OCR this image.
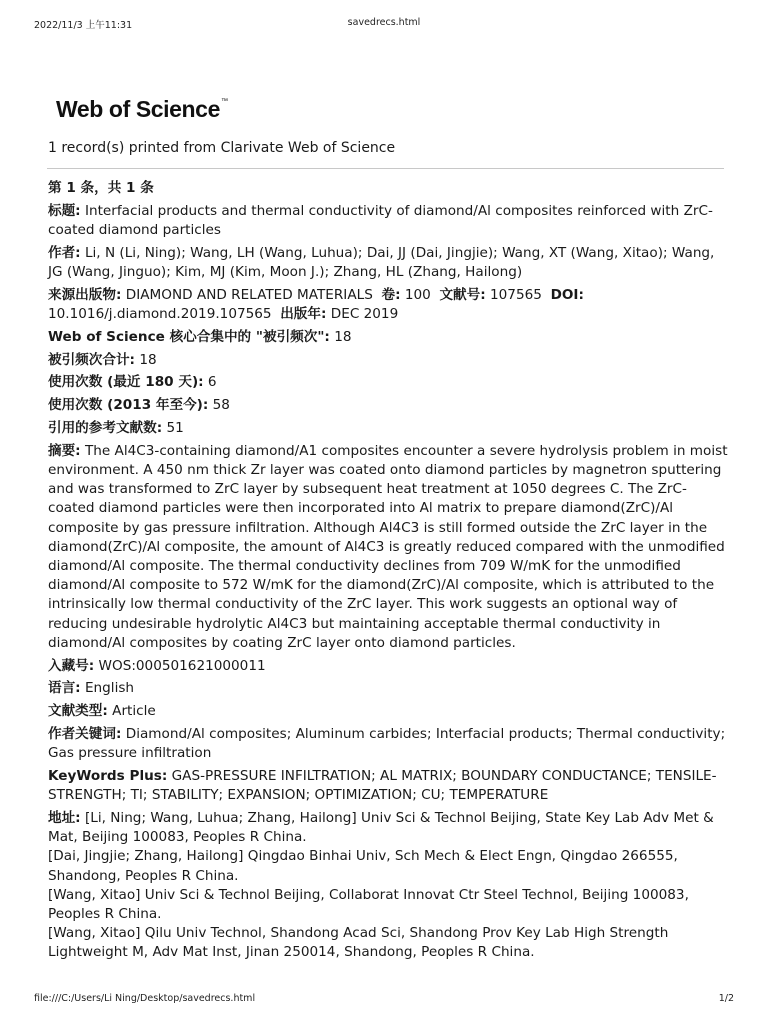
2022/11/3 上午11:31	savedrecs.html
Web of Science™
1 record(s) printed from Clarivate Web of Science
第 1 条，共 1 条
标题: Interfacial products and thermal conductivity of diamond/Al composites reinforced with ZrC-coated diamond particles
作者: Li, N (Li, Ning); Wang, LH (Wang, Luhua); Dai, JJ (Dai, Jingjie); Wang, XT (Wang, Xitao); Wang, JG (Wang, Jinguo); Kim, MJ (Kim, Moon J.); Zhang, HL (Zhang, Hailong)
来源出版物: DIAMOND AND RELATED MATERIALS 卷: 100 文献号: 107565 DOI: 10.1016/j.diamond.2019.107565 出版年: DEC 2019
Web of Science 核心合集中的 "被引频次": 18
被引频次合计: 18
使用次数 (最近 180 天): 6
使用次数 (2013 年至今): 58
引用的参考文献数: 51
摘要: The Al4C3-containing diamond/A1 composites encounter a severe hydrolysis problem in moist environment. A 450 nm thick Zr layer was coated onto diamond particles by magnetron sputtering and was transformed to ZrC layer by subsequent heat treatment at 1050 degrees C. The ZrC-coated diamond particles were then incorporated into Al matrix to prepare diamond(ZrC)/Al composite by gas pressure infiltration. Although Al4C3 is still formed outside the ZrC layer in the diamond(ZrC)/Al composite, the amount of Al4C3 is greatly reduced compared with the unmodified diamond/Al composite. The thermal conductivity declines from 709 W/mK for the unmodified diamond/Al composite to 572 W/mK for the diamond(ZrC)/Al composite, which is attributed to the intrinsically low thermal conductivity of the ZrC layer. This work suggests an optional way of reducing undesirable hydrolytic Al4C3 but maintaining acceptable thermal conductivity in diamond/Al composites by coating ZrC layer onto diamond particles.
入藏号: WOS:000501621000011
语言: English
文献类型: Article
作者关键词: Diamond/Al composites; Aluminum carbides; Interfacial products; Thermal conductivity; Gas pressure infiltration
KeyWords Plus: GAS-PRESSURE INFILTRATION; AL MATRIX; BOUNDARY CONDUCTANCE; TENSILE-STRENGTH; TI; STABILITY; EXPANSION; OPTIMIZATION; CU; TEMPERATURE
地址: [Li, Ning; Wang, Luhua; Zhang, Hailong] Univ Sci & Technol Beijing, State Key Lab Adv Met & Mat, Beijing 100083, Peoples R China.
[Dai, Jingjie; Zhang, Hailong] Qingdao Binhai Univ, Sch Mech & Elect Engn, Qingdao 266555, Shandong, Peoples R China.
[Wang, Xitao] Univ Sci & Technol Beijing, Collaborat Innovat Ctr Steel Technol, Beijing 100083, Peoples R China.
[Wang, Xitao] Qilu Univ Technol, Shandong Acad Sci, Shandong Prov Key Lab High Strength Lightweight M, Adv Mat Inst, Jinan 250014, Shandong, Peoples R China.
file:///C:/Users/Li Ning/Desktop/savedrecs.html	1/2
